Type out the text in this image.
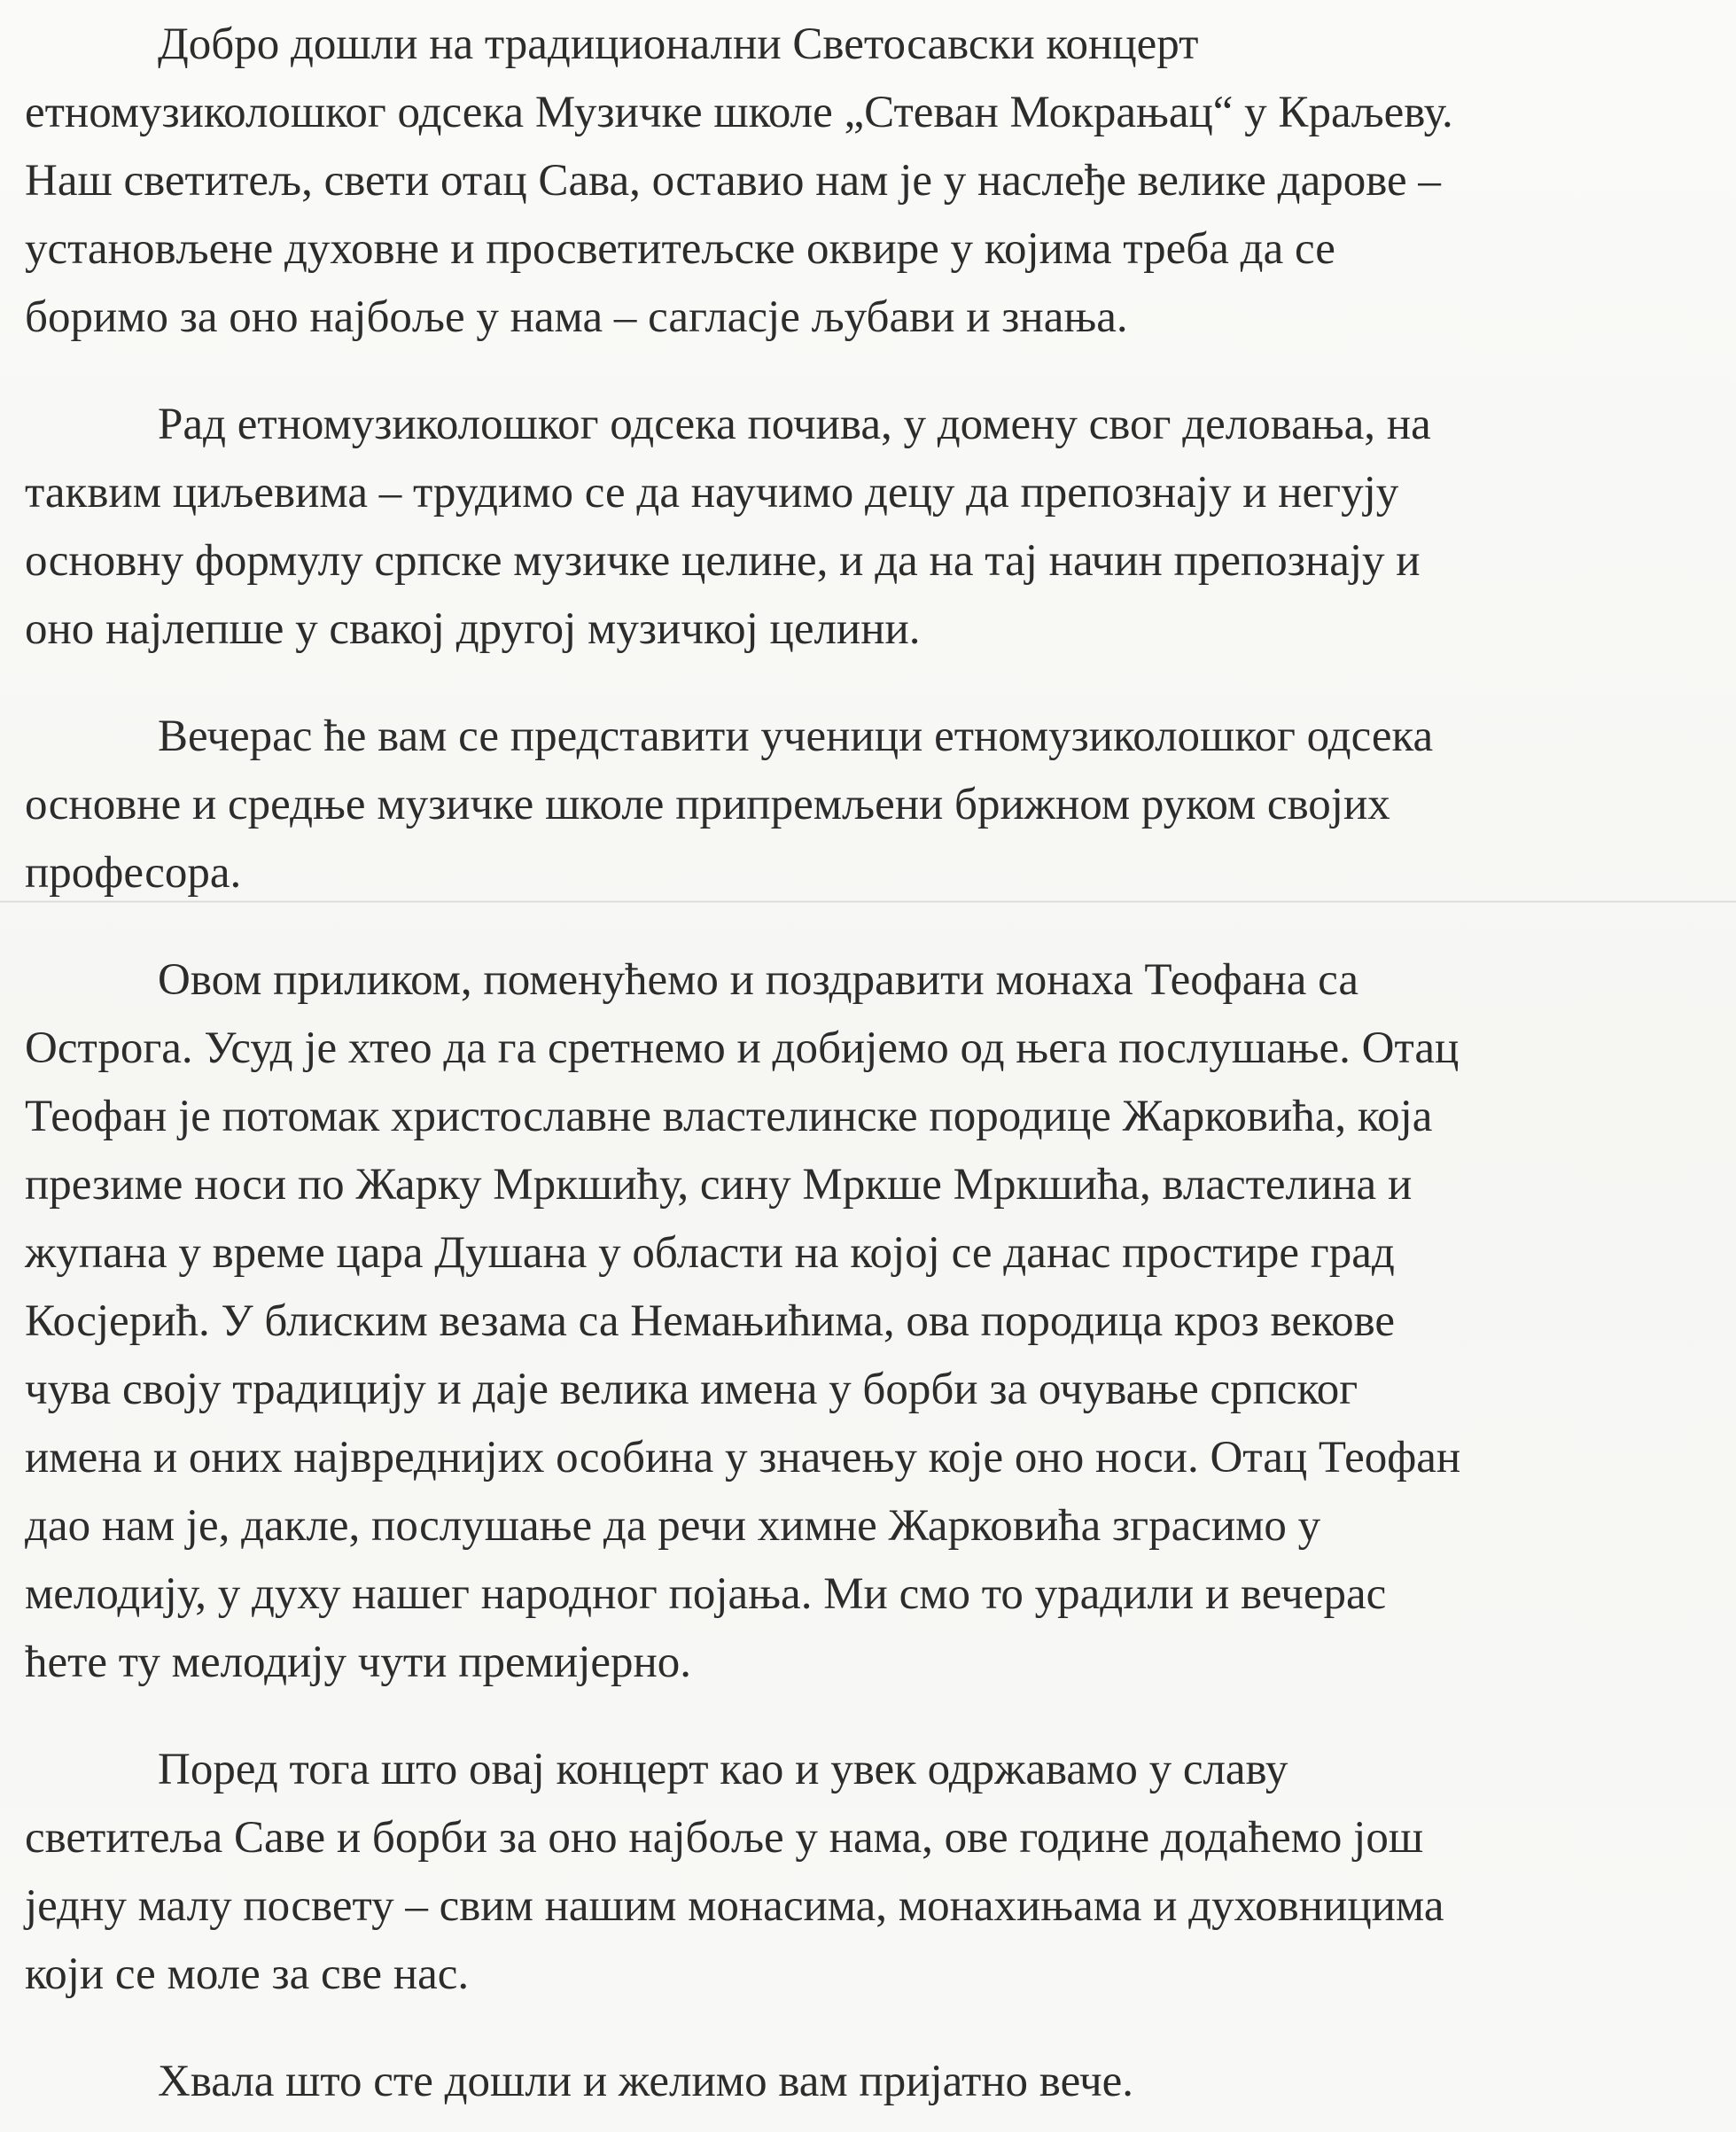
Добро дошли на традиционални Светосавски концерт
етномузиколошког одсека Музичке школе „Стеван Мокрањац“ у Краљеву.
Наш светитељ, свети отац Сава, оставио нам је у наслеђе велике дарове –
установљене духовне и просветитељске оквире у којима треба да се
боримо за оно најбоље у нама – сагласје љубави и знања.

Рад етномузиколошког одсека почива, у домену свог деловања, на
таквим циљевима – трудимо се да научимо децу да препознају и негују
основну формулу српске музичке целине, и да на тај начин препознају и
оно најлепше у свакој другој музичкој целини.

Вечерас ће вам се представити ученици етномузиколошког одсека
основне и средње музичке школе припремљени брижном руком својих
професора.

Овом приликом, поменућемо и поздравити монаха Теофана са
Острога. Усуд је хтео да га сретнемо и добијемо од њега послушање. Отац
Теофан је потомак христославне властелинске породице Жарковића, која
презиме носи по Жарку Мркшићу, сину Мркше Мркшића, властелина и
жупана у време цара Душана у области на којој се данас простире град
Косјерић. У блиским везама са Немањићима, ова породица кроз векове
чува своју традицију и даје велика имена у борби за очување српског
имена и оних највреднијих особина у значењу које оно носи. Отац Теофан
дао нам је, дакле, послушање да речи химне Жарковића зграсимо у
мелодију, у духу нашег народног појања. Ми смо то урадили и вечерас
ћете ту мелодију чути премијерно.

Поред тога што овај концерт као и увек одржавамо у славу
светитеља Саве и борби за оно најбоље у нама, ове године додаћемо још
једну малу посвету – свим нашим монасима, монахињама и духовницима
који се моле за све нас.

Хвала што сте дошли и желимо вам пријатно вече.
